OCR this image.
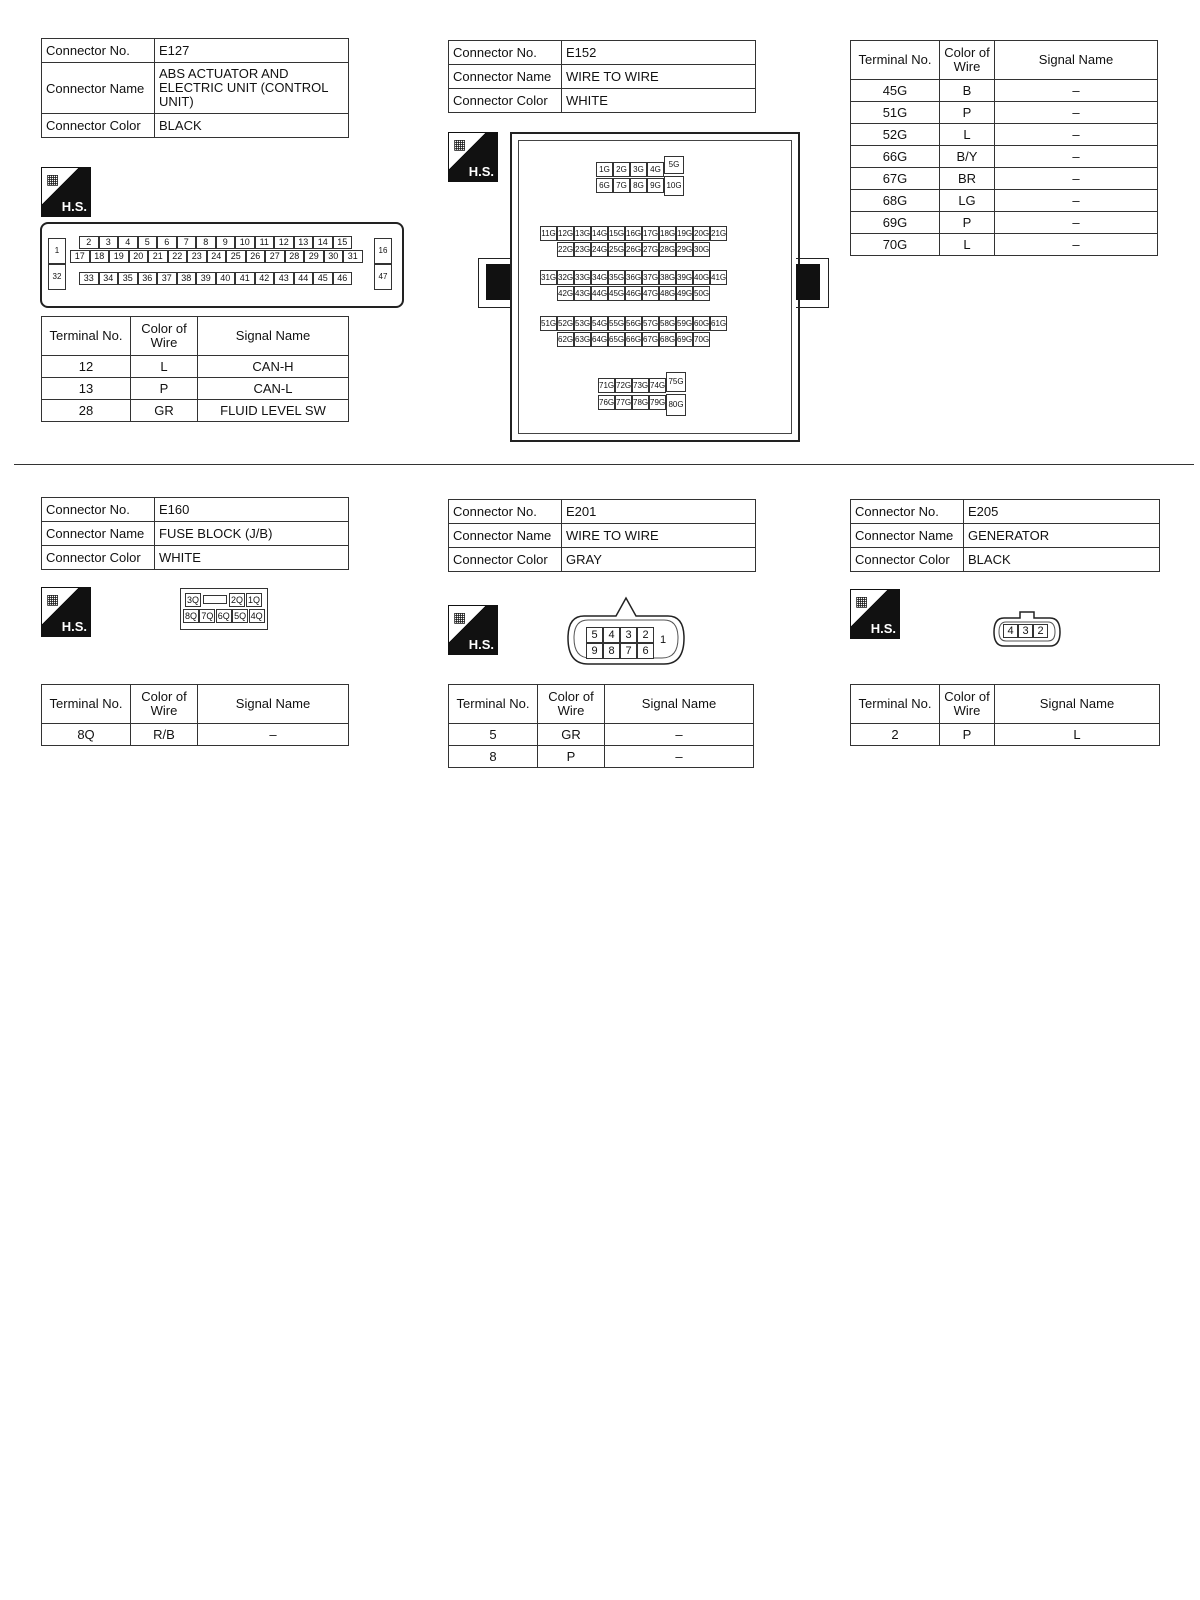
Connector No.	E127
Connector Name	ABS ACTUATOR AND ELECTRIC UNIT (CONTROL UNIT)
Connector Color	BLACK
▦
H.S.
1	16
32	47
2	3	4	5	6	7	8	9	10	11	12	13	14	15
17	18	19	20	21	22	23	24	25	26	27	28	29	30	31
33	34	35	36	37	38	39	40	41	42	43	44	45	46
Terminal No.	Color of Wire	Signal Name
12	L	CAN-H
13	P	CAN-L
28	GR	FLUID LEVEL SW
Connector No.	E152
Connector Name	WIRE TO WIRE
Connector Color	WHITE
▦
H.S.	1G 2G 3G 4G
5G
6G 7G 8G 9G 10G
11G 12G 13G 14G 15G 16G 17G 18G 19G 20G 21G
22G 23G 24G 25G 26G 27G 28G 29G 30G
31G 32G 33G 34G 35G 36G 37G 38G 39G 40G 41G
42G 43G 44G 45G 46G 47G 48G 49G 50G
51G 52G 53G 54G 55G 56G 57G 58G 59G 60G 61G
62G 63G 64G 65G 66G 67G 68G 69G 70G
71G 72G 73G 74G 75G
76G 77G 78G 79G 80G
Terminal No.	Color of Wire	Signal Name
45G	B	–
51G	P	–
52G	L	–
66G	B/Y	–
67G	BR	–
68G	LG	–
69G	P	–
70G	L	–
Connector No.	E160
Connector Name	FUSE BLOCK (J/B)
Connector Color	WHITE
▦
H.S.
3Q	2Q 1Q
8Q 7Q 6Q 5Q 4Q
Terminal No.	Color of Wire	Signal Name
8Q	R/B	–
Connector No.	E201
Connector Name	WIRE TO WIRE
Connector Color	GRAY
▦
H.S.
5 4 3 2
9 8 7 6
1
Terminal No.	Color of Wire	Signal Name
5	GR	–
8	P	–
Connector No.	E205
Connector Name	GENERATOR
Connector Color	BLACK
▦
H.S.	4 3 2
Terminal No.	Color of Wire	Signal Name
2	P	L
